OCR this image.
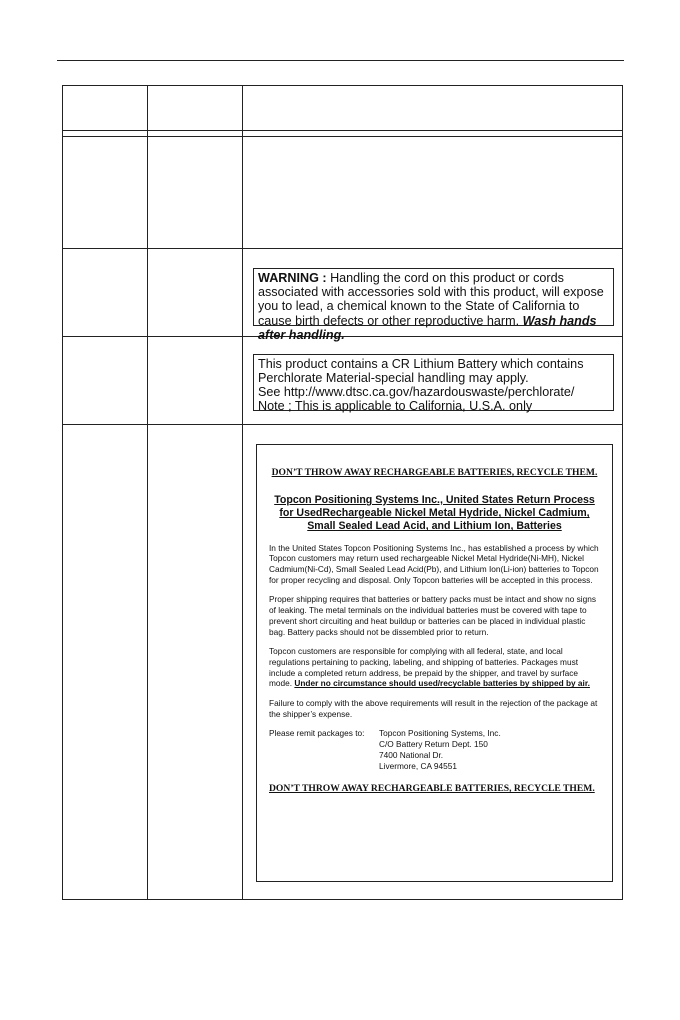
WARNING : Handling the cord on this product or cords associated with accessories sold with this product, will expose you to lead, a chemical known to the State of California to cause birth defects or other reproductive harm. Wash hands after handling.
This product contains a CR Lithium Battery which contains
Perchlorate Material-special handling may apply.
See http://www.dtsc.ca.gov/hazardouswaste/perchlorate/
Note ; This is applicable to California, U.S.A. only
DON’T THROW AWAY RECHARGEABLE BATTERIES, RECYCLE THEM.
Topcon Positioning Systems Inc., United States Return Process for UsedRechargeable Nickel Metal Hydride, Nickel Cadmium, Small Sealed Lead Acid, and Lithium Ion, Batteries
In the United States Topcon Positioning Systems Inc., has established a process by which Topcon customers may return used rechargeable Nickel Metal Hydride(Ni-MH), Nickel Cadmium(Ni-Cd), Small Sealed Lead Acid(Pb), and Lithium Ion(Li-ion) batteries to Topcon for proper recycling and disposal. Only Topcon batteries will be accepted in this process.
Proper shipping requires that batteries or battery packs must be intact and show no signs of leaking. The metal terminals on the individual batteries must be covered with tape to prevent short circuiting and heat buildup or batteries can be placed in individual plastic bag. Battery packs should not be dissembled prior to return.
Topcon customers are responsible for complying with all federal, state, and local regulations pertaining to packing, labeling, and shipping of batteries. Packages must include a completed return address, be prepaid by the shipper, and travel by surface mode. Under no circumstance should used/recyclable batteries by shipped by air.
Failure to comply with the above requirements will result in the rejection of the package at the shipper’s expense.
Please remit packages to:	Topcon Positioning Systems, Inc.
C/O Battery Return Dept. 150
7400 National Dr.
Livermore, CA 94551
DON’T THROW AWAY RECHARGEABLE BATTERIES, RECYCLE THEM.
